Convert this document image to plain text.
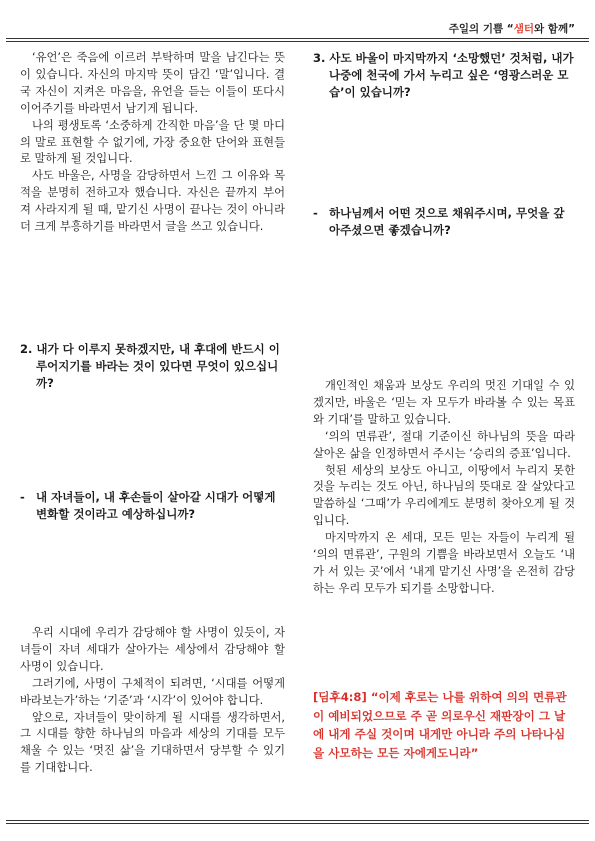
주일의 기쁨 “샘터와 함께”

‘유언’은 죽음에 이르러 부탁하며 말을 남긴다는 뜻이 있습니다. 자신의 마지막 뜻이 담긴 ‘말’입니다. 결국 자신이 지켜온 마음을, 유언을 듣는 이들이 또다시 이어주기를 바라면서 남기게 됩니다.

나의 평생토록 ‘소중하게 간직한 마음’을 단 몇 마디의 말로 표현할 수 없기에, 가장 중요한 단어와 표현들로 말하게 될 것입니다.

사도 바울은, 사명을 감당하면서 느낀 그 이유와 목적을 분명히 전하고자 했습니다. 자신은 끝까지 부어져 사라지게 될 때, 맡기신 사명이 끝나는 것이 아니라 더 크게 부흥하기를 바라면서 글을 쓰고 있습니다.

2. 내가 다 이루지 못하겠지만, 내 후대에 반드시 이루어지기를 바라는 것이 있다면 무엇이 있으십니까?
- 내 자녀들이, 내 후손들이 살아갈 시대가 어떻게 변화할 것이라고 예상하십니까?

우리 시대에 우리가 감당해야 할 사명이 있듯이, 자녀들이 자녀 세대가 살아가는 세상에서 감당해야 할 사명이 있습니다.

그러기에, 사명이 구체적이 되려면, ‘시대를 어떻게 바라보는가’하는 ‘기준’과 ‘시각’이 있어야 합니다.

앞으로, 자녀들이 맞이하게 될 시대를 생각하면서, 그 시대를 향한 하나님의 마음과 세상의 기대를 모두 채울 수 있는 ‘멋진 삶’을 기대하면서 당부할 수 있기를 기대합니다.

3. 사도 바울이 마지막까지 ‘소망했던’ 것처럼, 내가 나중에 천국에 가서 누리고 싶은 ‘영광스러운 모습’이 있습니까?
- 하나님께서 어떤 것으로 채워주시며, 무엇을 갚아주셨으면 좋겠습니까?

개인적인 채움과 보상도 우리의 멋진 기대일 수 있겠지만, 바울은 ‘믿는 자 모두가 바라볼 수 있는 목표와 기대’를 말하고 있습니다.

‘의의 면류관’, 절대 기준이신 하나님의 뜻을 따라 살아온 삶을 인정하면서 주시는 ‘승리의 증표’입니다.

헛된 세상의 보상도 아니고, 이땅에서 누리지 못한 것을 누리는 것도 아닌, 하나님의 뜻대로 잘 살았다고 말씀하실 ‘그때’가 우리에게도 분명히 찾아오게 될 것입니다.

마지막까지 온 세대, 모든 믿는 자들이 누리게 될 ‘의의 면류관’, 구원의 기쁨을 바라보면서 오늘도 ‘내가 서 있는 곳’에서 ‘내게 맡기신 사명’을 온전히 감당하는 우리 모두가 되기를 소망합니다.

[딤후4:8] “이제 후로는 나를 위하여 의의 면류관이 예비되었으므로 주 곧 의로우신 재판장이 그 날에 내게 주실 것이며 내게만 아니라 주의 나타나심을 사모하는 모든 자에게도니라”
